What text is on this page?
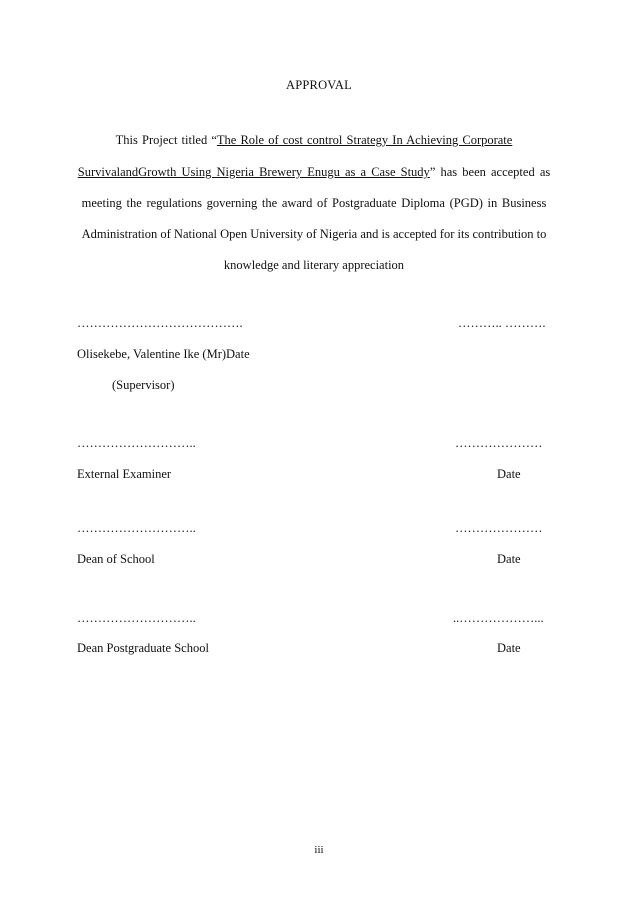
APPROVAL
This Project titled “The Role of cost control Strategy In Achieving Corporate
SurvivalandGrowth Using Nigeria Brewery Enugu as a Case Study” has been accepted as
meeting the regulations governing the award of Postgraduate Diploma (PGD) in Business
Administration of National Open University of Nigeria and is accepted for its contribution to
knowledge and literary appreciation
………………………………….	……….. ……….
Olisekebe, Valentine Ike (Mr)Date
(Supervisor)
………………………..	…………………
External Examiner	Date
………………………..	…………………
Dean of School	Date
………………………..	..………………...
Dean Postgraduate School	Date
iii
